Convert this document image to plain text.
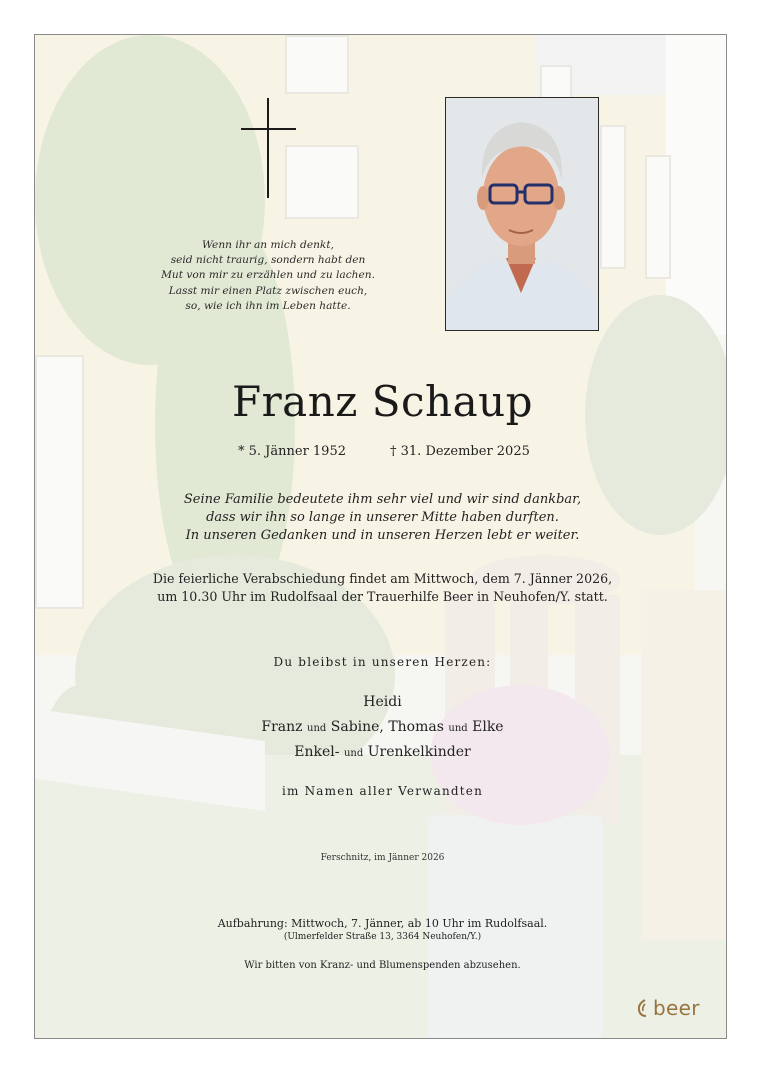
Wenn ihr an mich denkt,
seid nicht traurig, sondern habt den
Mut von mir zu erzählen und zu lachen.
Lasst mir einen Platz zwischen euch,
so, wie ich ihn im Leben hatte.
Franz Schaup
* 5. Jänner 1952	† 31. Dezember 2025
Seine Familie bedeutete ihm sehr viel und wir sind dankbar,
dass wir ihn so lange in unserer Mitte haben durften.
In unseren Gedanken und in unseren Herzen lebt er weiter.
Die feierliche Verabschiedung findet am Mittwoch, dem 7. Jänner 2026,
um 10.30 Uhr im Rudolfsaal der Trauerhilfe Beer in Neuhofen/Y. statt.
Du bleibst in unseren Herzen:
Heidi
Franz und Sabine, Thomas und Elke
Enkel- und Urenkelkinder
im Namen aller Verwandten
Ferschnitz, im Jänner 2026
Aufbahrung: Mittwoch, 7. Jänner, ab 10 Uhr im Rudolfsaal.
(Ulmerfelder Straße 13, 3364 Neuhofen/Y.)
Wir bitten von Kranz- und Blumenspenden abzusehen.
beer
